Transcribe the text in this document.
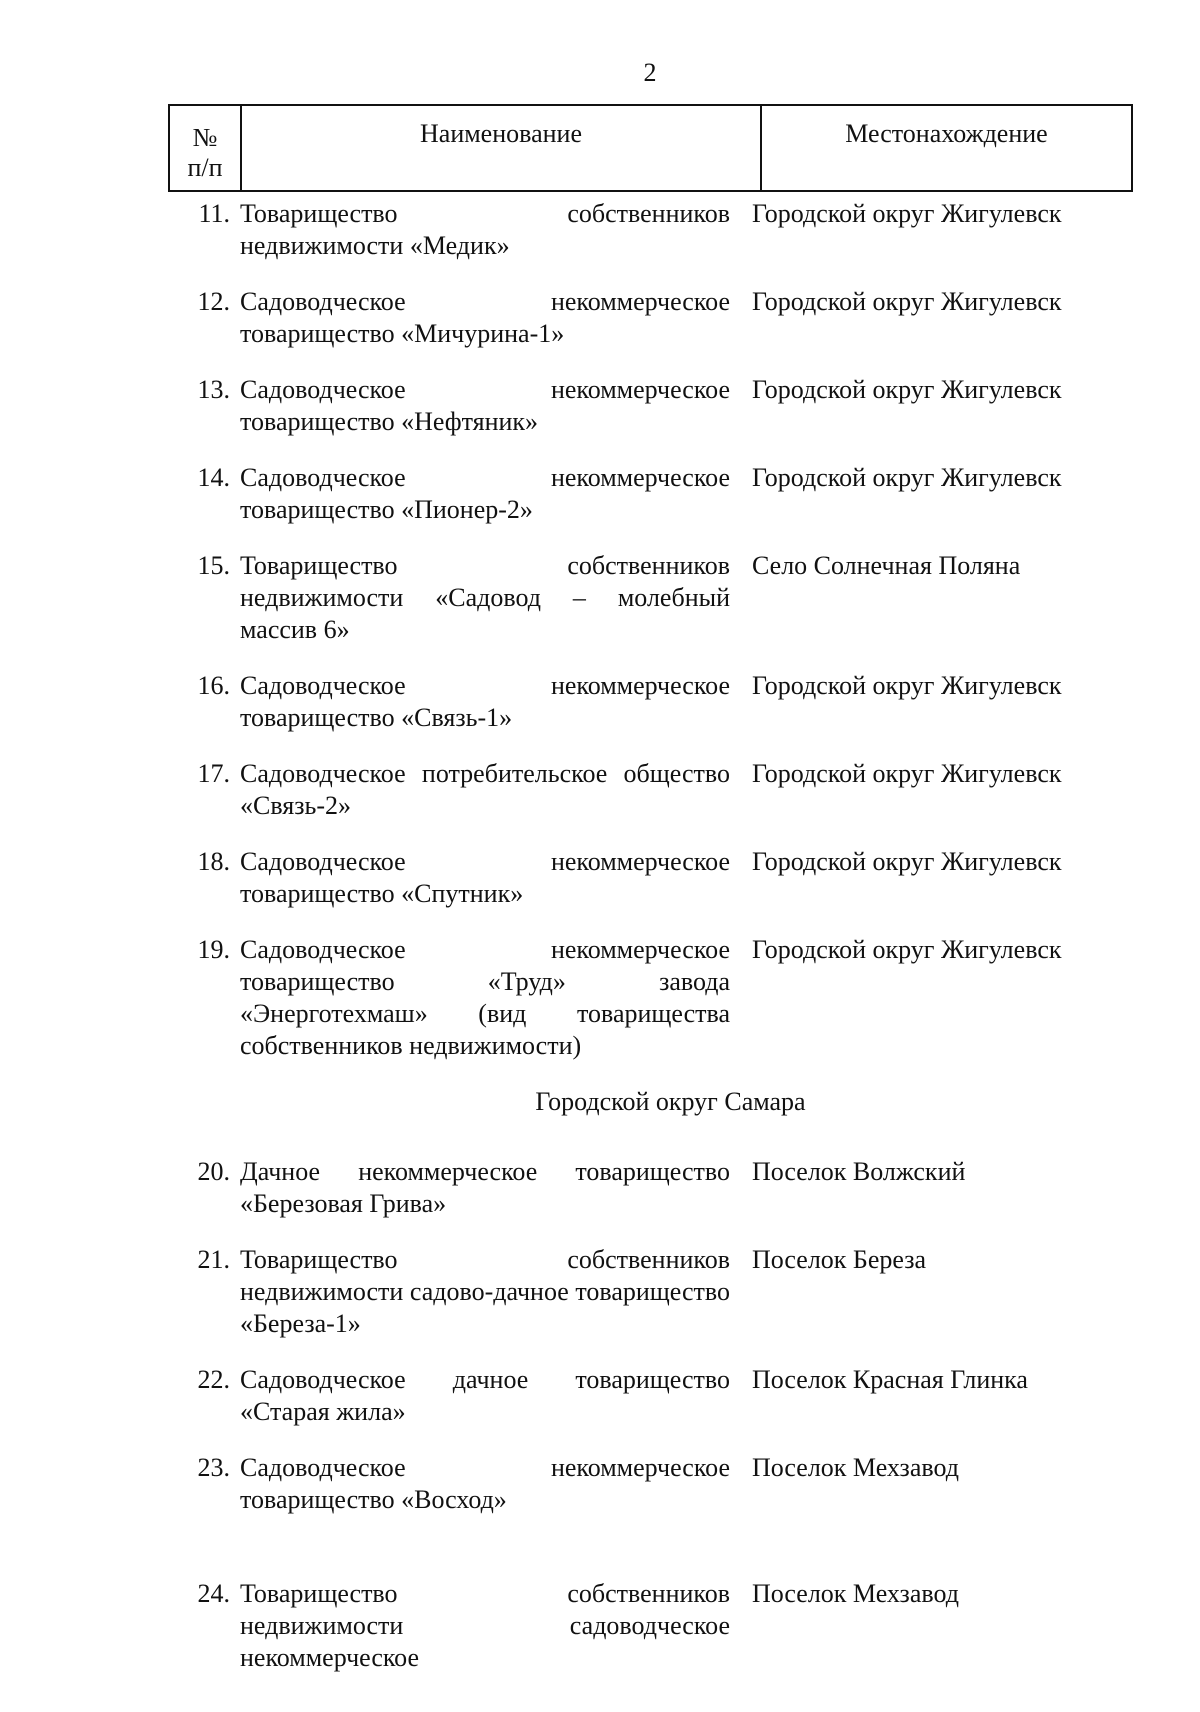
2
№
п/п
Наименование	Местонахождение
11. Товарищество собственников недвижимости «Медик»
Городской округ Жигулевск
12. Садоводческое некоммерческое товарищество «Мичурина-1»
Городской округ Жигулевск
13. Садоводческое некоммерческое товарищество «Нефтяник»
Городской округ Жигулевск
14. Садоводческое некоммерческое товарищество «Пионер-2»
Городской округ Жигулевск
15. Товарищество собственников недвижимости «Садовод – молебный массив 6»
Село Солнечная Поляна
16. Садоводческое некоммерческое товарищество «Связь-1»
Городской округ Жигулевск
17. Садоводческое потребительское общество «Связь-2»
Городской округ Жигулевск
18. Садоводческое некоммерческое товарищество «Спутник»
Городской округ Жигулевск
19. Садоводческое некоммерческое товарищество «Труд» завода «Энерготехмаш» (вид товарищества собственников недвижимости)
Городской округ Жигулевск
Городской округ Самара
20. Дачное некоммерческое товарищество «Березовая Грива»
Поселок Волжский
21. Товарищество собственников недвижимости садово-дачное товарищество «Береза-1»
Поселок Береза
22. Садоводческое дачное товарищество «Старая жила»
Поселок Красная Глинка
23. Садоводческое некоммерческое товарищество «Восход»
Поселок Мехзавод
24. Товарищество собственников недвижимости садоводческое некоммерческое
Поселок Мехзавод
